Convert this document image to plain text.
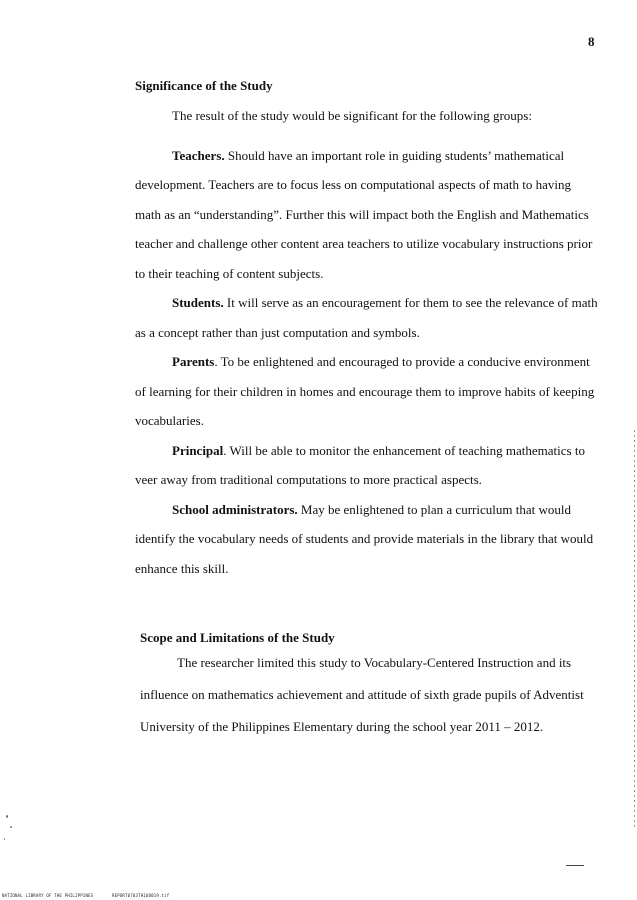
8
Significance of the Study
The result of the study would be significant for the following groups:
Teachers. Should have an important role in guiding students’ mathematical
development. Teachers are to focus less on computational aspects of math to having
math as an “understanding”. Further this will impact both the English and Mathematics
teacher and challenge other content area teachers to utilize vocabulary instructions prior
to their teaching of content subjects.
Students. It will serve as an encouragement for them to see the relevance of math
as a concept rather than just computation and symbols.
Parents. To be enlightened and encouraged to provide a conducive environment
of learning for their children in homes and encourage them to improve habits of keeping
vocabularies.
Principal. Will be able to monitor the enhancement of teaching mathematics to
veer away from traditional computations to more practical aspects.
School administrators. May be enlightened to plan a curriculum that would
identify the vocabulary needs of students and provide materials in the library that would
enhance this skill.
Scope and Limitations of the Study
The researcher limited this study to Vocabulary-Centered Instruction and its
influence on mathematics achievement and attitude of sixth grade pupils of Adventist
University of the Philippines Elementary during the school year 2011 – 2012.
NATIONAL LIBRARY OF THE PHILIPPINES	REPORT0703TH160019.tif
